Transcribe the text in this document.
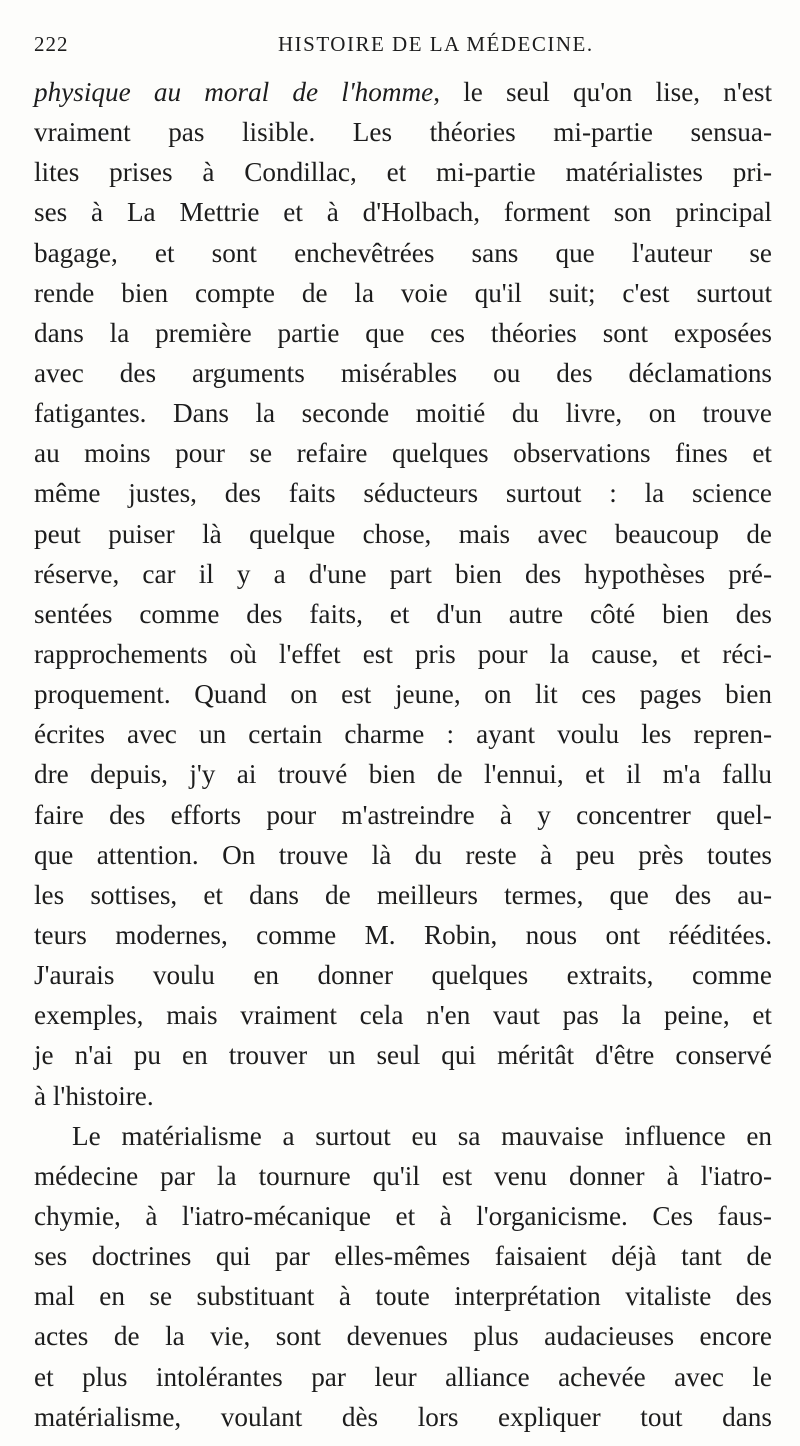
222	HISTOIRE DE LA MÉDECINE.
physique au moral de l'homme, le seul qu'on lise, n'est
vraiment pas lisible. Les théories mi-partie sensua-
lites prises à Condillac, et mi-partie matérialistes pri-
ses à La Mettrie et à d'Holbach, forment son principal
bagage, et sont enchevêtrées sans que l'auteur se
rende bien compte de la voie qu'il suit; c'est surtout
dans la première partie que ces théories sont exposées
avec des arguments misérables ou des déclamations
fatigantes. Dans la seconde moitié du livre, on trouve
au moins pour se refaire quelques observations fines et
même justes, des faits séducteurs surtout : la science
peut puiser là quelque chose, mais avec beaucoup de
réserve, car il y a d'une part bien des hypothèses pré-
sentées comme des faits, et d'un autre côté bien des
rapprochements où l'effet est pris pour la cause, et réci-
proquement. Quand on est jeune, on lit ces pages bien
écrites avec un certain charme : ayant voulu les repren-
dre depuis, j'y ai trouvé bien de l'ennui, et il m'a fallu
faire des efforts pour m'astreindre à y concentrer quel-
que attention. On trouve là du reste à peu près toutes
les sottises, et dans de meilleurs termes, que des au-
teurs modernes, comme M. Robin, nous ont rééditées.
J'aurais voulu en donner quelques extraits, comme
exemples, mais vraiment cela n'en vaut pas la peine, et
je n'ai pu en trouver un seul qui méritât d'être conservé
à l'histoire.
Le matérialisme a surtout eu sa mauvaise influence en
médecine par la tournure qu'il est venu donner à l'iatro-
chymie, à l'iatro-mécanique et à l'organicisme. Ces faus-
ses doctrines qui par elles-mêmes faisaient déjà tant de
mal en se substituant à toute interprétation vitaliste des
actes de la vie, sont devenues plus audacieuses encore
et plus intolérantes par leur alliance achevée avec le
matérialisme, voulant dès lors expliquer tout dans
